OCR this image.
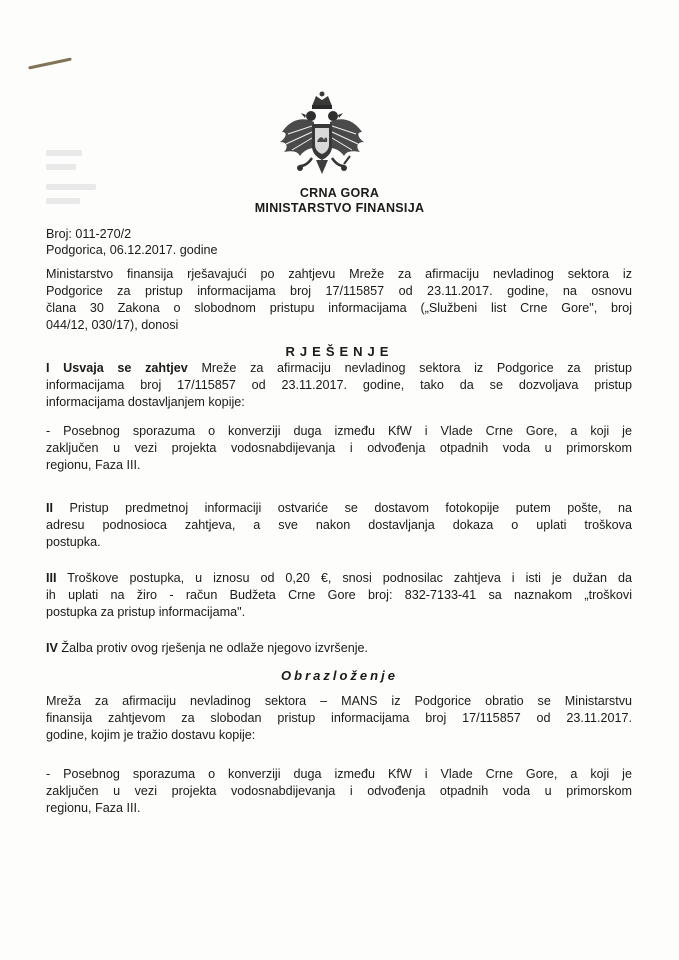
CRNA GORA
MINISTARSTVO FINANSIJA
Broj: 011-270/2
Podgorica, 06.12.2017. godine
Ministarstvo finansija rješavajući po zahtjevu Mreže za afirmaciju nevladinog sektora iz
Podgorice za pristup informacijama broj 17/115857 od 23.11.2017. godine, na osnovu
člana 30 Zakona o slobodnom pristupu informacijama („Službeni list Crne Gore", broj
044/12, 030/17), donosi
RJEŠENJE
I Usvaja se zahtjev Mreže za afirmaciju nevladinog sektora iz Podgorice za pristup
informacijama broj 17/115857 od 23.11.2017. godine, tako da se dozvoljava pristup
informacijama dostavljanjem kopije:
- Posebnog sporazuma o konverziji duga između KfW i Vlade Crne Gore, a koji je
zaključen u vezi projekta vodosnabdijevanja i odvođenja otpadnih voda u primorskom
regionu, Faza III.
II Pristup predmetnoj informaciji ostvariće se dostavom fotokopije putem pošte, na
adresu podnosioca zahtjeva, a sve nakon dostavljanja dokaza o uplati troškova
postupka.
III Troškove postupka, u iznosu od 0,20 €, snosi podnosilac zahtjeva i isti je dužan da
ih uplati na žiro - račun Budžeta Crne Gore broj: 832-7133-41 sa naznakom „troškovi
postupka za pristup informacijama".
IV Žalba protiv ovog rješenja ne odlaže njegovo izvršenje.
Obrazloženje
Mreža za afirmaciju nevladinog sektora – MANS iz Podgorice obratio se Ministarstvu
finansija zahtjevom za slobodan pristup informacijama broj 17/115857 od 23.11.2017.
godine, kojim je tražio dostavu kopije:
- Posebnog sporazuma o konverziji duga između KfW i Vlade Crne Gore, a koji je
zaključen u vezi projekta vodosnabdijevanja i odvođenja otpadnih voda u primorskom
regionu, Faza III.
